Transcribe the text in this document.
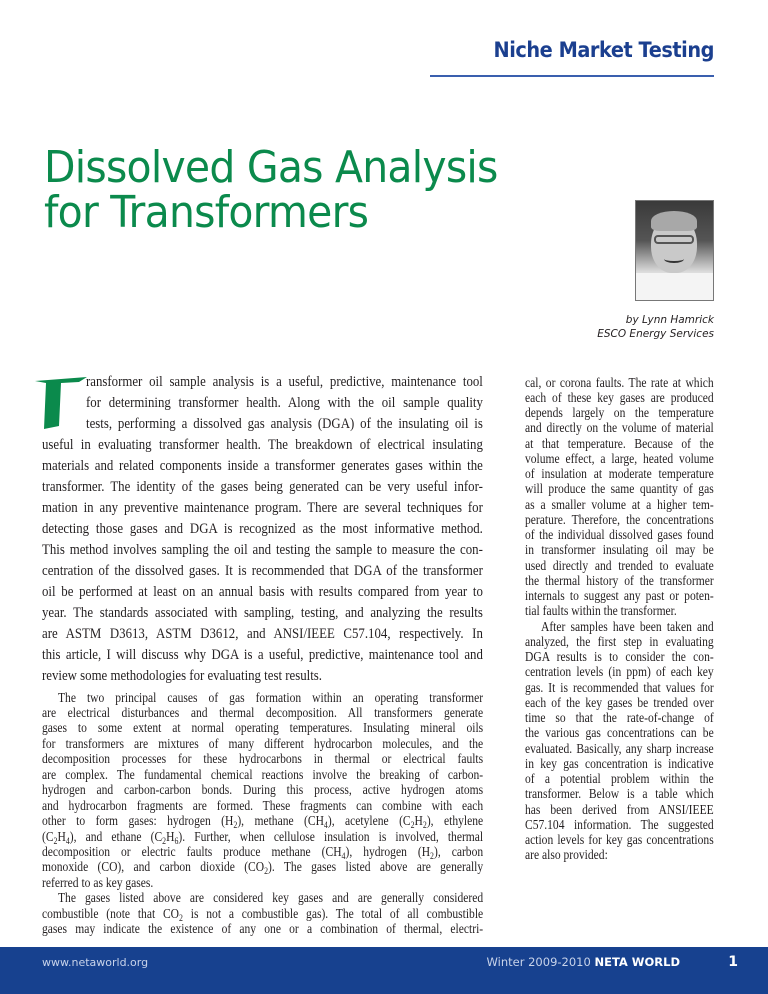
Niche Market Testing
Dissolved Gas Analysis
for Transformers
by Lynn Hamrick
ESCO Energy Services
ransformer oil sample analysis is a useful, predictive, maintenance tool
for determining transformer health. Along with the oil sample quality
tests, performing a dissolved gas analysis (DGA) of the insulating oil is
useful in evaluating transformer health. The breakdown of electrical insulating
materials and related components inside a transformer generates gases within the
transformer. The identity of the gases being generated can be very useful infor-
mation in any preventive maintenance program. There are several techniques for
detecting those gases and DGA is recognized as the most informative method.
This method involves sampling the oil and testing the sample to measure the con-
centration of the dissolved gases. It is recommended that DGA of the transformer
oil be performed at least on an annual basis with results compared from year to
year. The standards associated with sampling, testing, and analyzing the results
are ASTM D3613, ASTM D3612, and ANSI/IEEE C57.104, respectively. In
this article, I will discuss why DGA is a useful, predictive, maintenance tool and
review some methodologies for evaluating test results.
The two principal causes of gas formation within an operating transformer
are electrical disturbances and thermal decomposition. All transformers generate
gases to some extent at normal operating temperatures. Insulating mineral oils
for transformers are mixtures of many different hydrocarbon molecules, and the
decomposition processes for these hydrocarbons in thermal or electrical faults
are complex. The fundamental chemical reactions involve the breaking of carbon-
hydrogen and carbon-carbon bonds. During this process, active hydrogen atoms
and hydrocarbon fragments are formed. These fragments can combine with each
other to form gases: hydrogen $(H_2)$, methane $(CH_4)$, acetylene $(C_2H_2)$, ethylene
$(C_2H_4)$, and ethane $(C_2H_6)$. Further, when cellulose insulation is involved, thermal
decomposition or electric faults produce methane $(CH_4)$, hydrogen $(H_2)$, carbon
monoxide (CO), and carbon dioxide $(CO_2)$. The gases listed above are generally
referred to as key gases.
The gases listed above are considered key gases and are generally considered
combustible (note that $CO_2$ is not a combustible gas). The total of all combustible
gases may indicate the existence of any one or a combination of thermal, electri-
cal, or corona faults. The rate at which
each of these key gases are produced
depends largely on the temperature
and directly on the volume of material
at that temperature. Because of the
volume effect, a large, heated volume
of insulation at moderate temperature
will produce the same quantity of gas
as a smaller volume at a higher tem-
perature. Therefore, the concentrations
of the individual dissolved gases found
in transformer insulating oil may be
used directly and trended to evaluate
the thermal history of the transformer
internals to suggest any past or poten-
tial faults within the transformer.
After samples have been taken and
analyzed, the first step in evaluating
DGA results is to consider the con-
centration levels (in ppm) of each key
gas. It is recommended that values for
each of the key gases be trended over
time so that the rate-of-change of
the various gas concentrations can be
evaluated. Basically, any sharp increase
in key gas concentration is indicative
of a potential problem within the
transformer. Below is a table which
has been derived from ANSI/IEEE
C57.104 information. The suggested
action levels for key gas concentrations
are also provided:
www.netaworld.org	Winter 2009-2010 NETA WORLD	1
